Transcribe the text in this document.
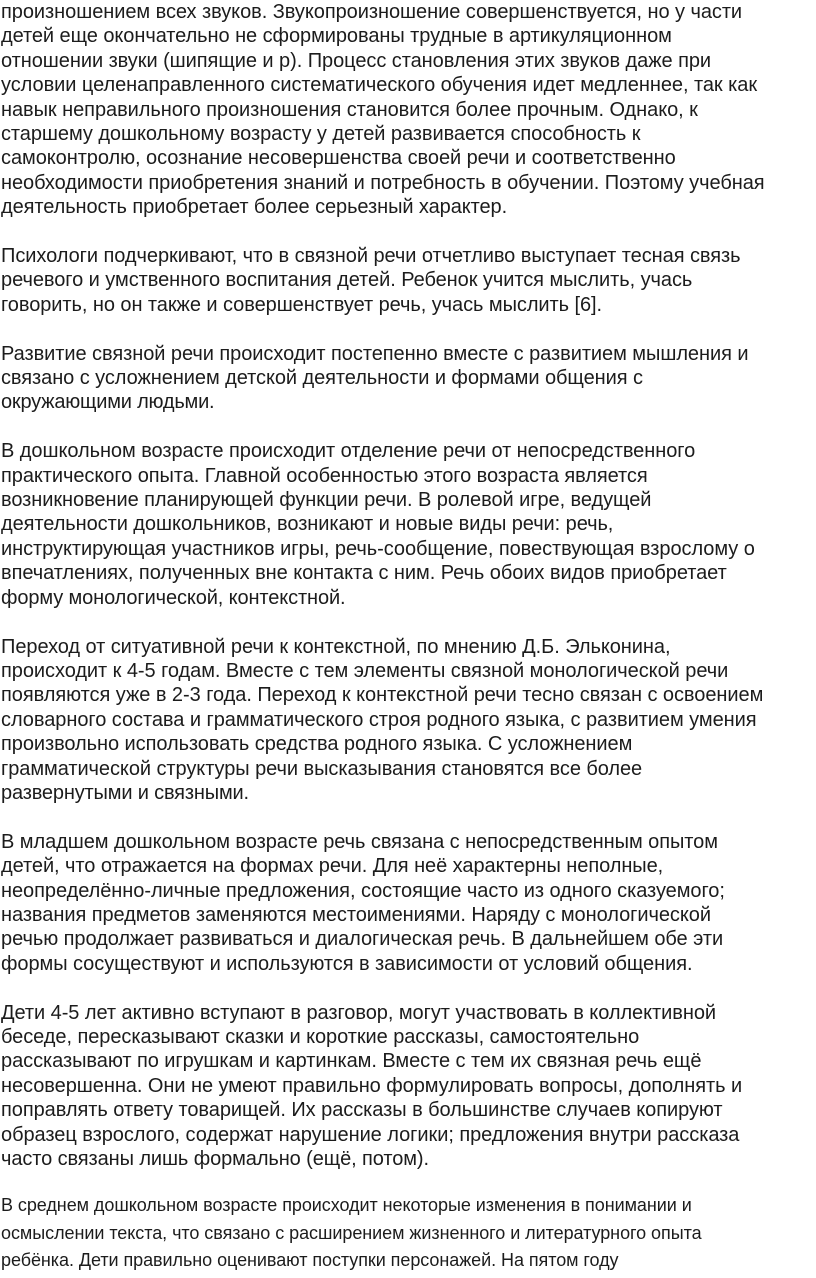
произношением всех звуков. Звукопроизношение совершенствуется, но у части
детей еще окончательно не сформированы трудные в артикуляционном
отношении звуки (шипящие и р). Процесс становления этих звуков даже при
условии целенаправленного систематического обучения идет медленнее, так как
навык неправильного произношения становится более прочным. Однако, к
старшему дошкольному возрасту у детей развивается способность к
самоконтролю, осознание несовершенства своей речи и соответственно
необходимости приобретения знаний и потребность в обучении. Поэтому учебная
деятельность приобретает более серьезный характер.

Психологи подчеркивают, что в связной речи отчетливо выступает тесная связь
речевого и умственного воспитания детей. Ребенок учится мыслить, учась
говорить, но он также и совершенствует речь, учась мыслить [6].

Развитие связной речи происходит постепенно вместе с развитием мышления и
связано с усложнением детской деятельности и формами общения с
окружающими людьми.

В дошкольном возрасте происходит отделение речи от непосредственного
практического опыта. Главной особенностью этого возраста является
возникновение планирующей функции речи. В ролевой игре, ведущей
деятельности дошкольников, возникают и новые виды речи: речь,
инструктирующая участников игры, речь-сообщение, повествующая взрослому о
впечатлениях, полученных вне контакта с ним. Речь обоих видов приобретает
форму монологической, контекстной.

Переход от ситуативной речи к контекстной, по мнению Д.Б. Эльконина,
происходит к 4-5 годам. Вместе с тем элементы связной монологической речи
появляются уже в 2-3 года. Переход к контекстной речи тесно связан с освоением
словарного состава и грамматического строя родного языка, с развитием умения
произвольно использовать средства родного языка. С усложнением
грамматической структуры речи высказывания становятся все более
развернутыми и связными.

В младшем дошкольном возрасте речь связана с непосредственным опытом
детей, что отражается на формах речи. Для неё характерны неполные,
неопределённо-личные предложения, состоящие часто из одного сказуемого;
названия предметов заменяются местоимениями. Наряду с монологической
речью продолжает развиваться и диалогическая речь. В дальнейшем обе эти
формы сосуществуют и используются в зависимости от условий общения.

Дети 4-5 лет активно вступают в разговор, могут участвовать в коллективной
беседе, пересказывают сказки и короткие рассказы, самостоятельно
рассказывают по игрушкам и картинкам. Вместе с тем их связная речь ещё
несовершенна. Они не умеют правильно формулировать вопросы, дополнять и
поправлять ответу товарищей. Их рассказы в большинстве случаев копируют
образец взрослого, содержат нарушение логики; предложения внутри рассказа
часто связаны лишь формально (ещё, потом).

В среднем дошкольном возрасте происходит некоторые изменения в понимании и
осмыслении текста, что связано с расширением жизненного и литературного опыта
ребёнка. Дети правильно оценивают поступки персонажей. На пятом году
